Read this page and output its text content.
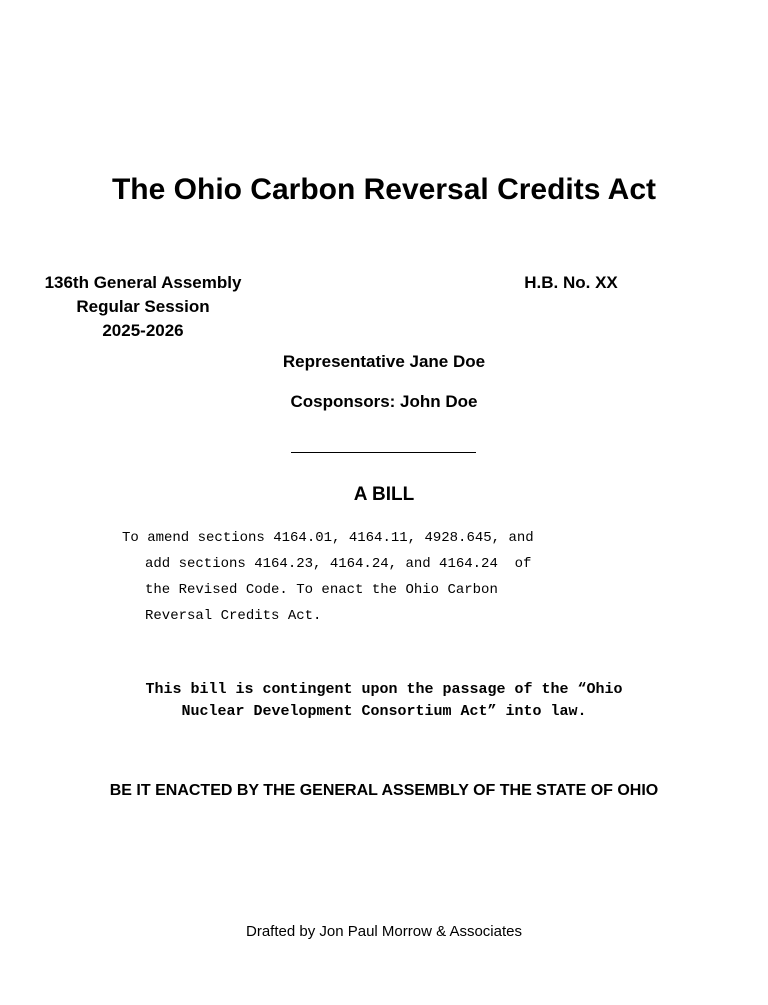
The Ohio Carbon Reversal Credits Act
136th General Assembly
Regular Session
2025-2026
H.B. No. XX
Representative Jane Doe
Cosponsors: John Doe
A BILL
To amend sections 4164.01, 4164.11, 4928.645, and
add sections 4164.23, 4164.24, and 4164.24  of
the Revised Code. To enact the Ohio Carbon
Reversal Credits Act.
This bill is contingent upon the passage of the “Ohio
Nuclear Development Consortium Act” into law.
BE IT ENACTED BY THE GENERAL ASSEMBLY OF THE STATE OF OHIO
Drafted by Jon Paul Morrow & Associates
